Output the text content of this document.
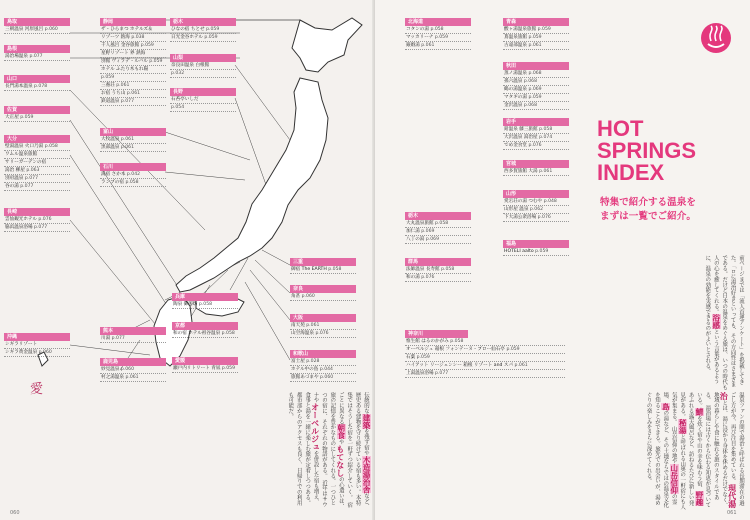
鳥取
三朝温泉 河原風呂 p.060
島根
湯治場温泉 p.077
山口
長門湯本温泉 p.078
佐賀
大正屋 p.059
大分
壁湯温泉 火口乃湯 p.058
ワムル温泉旅館
サリーガーデンの宿
湯治 柳屋 p.063
別府温泉 p.077
谷の湯 p.077
長崎
雲仙観光ホテル p.076
脇浜温泉浴場 p.077
沖縄
シギラリゾート
シギラ黄金温泉 p.060
熊本
川湯 p.077
鹿児島
妙見温泉 p.060
村之湯温泉 p.061
静岡
ザ・ひらまつ ホテルズ＆
リゾーツ 熱海 p.038
千人風呂 金谷旅館 p.059
星野リゾート 界 熱海
別館 ヴィラデ・ルバル p.059
ホテル ふたり木もれ陽
p.059
三養荘 p.061
お宿 うち山 p.061
鉄道温泉 p.077
富山
大牧温泉 p.061
黒部温泉 p.061
石川
湯宿 さか本 p.042
ランプの宿 p.058
栃木
ひなの宿 ちとせ p.059
日光金谷ホテル p.059
山梨
奈良田温泉 白根館
p.032
長野
石苔亭いしだ
p.054
三重
御宿 The EARTH p.058
兵庫
陶泉 御所坊 p.058
奈良
角甚 p.060
京都
和の宿 ホテル祖谷温泉 p.058
大阪
南天苑 p.061
山空海温泉 p.076
愛媛
瀬戸内リトリート 青凪 p.059
和歌山
富士屋 p.028
ホテル中の島 p.044
旅館あづまや p.060
愛
伝統的な建築を残す宿や木造湯治舎など、歴史ある建物を守り続けている宿も多い。本特集ではそうした宿を一軒ずつ紹介していく。 宿ごとに異なる朝食やもてなしの心遣いは、旅の記憶を豊かなものにしてくれる。一つひとつの宿に、それぞれの物語がある。 近年はサウナやオーベルジュを併設した宿も増え、食事と湯を一緒に楽しむ旅が定着しつつある。都市部からのアクセスも良く、日帰りでの利用も可能だ。
060
北海道
コタンの湯 p.058
マッカリーナ p.059
銀婚湯 p.061
青森
酸ヶ湯温泉旅館 p.059
蔦温泉旅館 p.059
古遠部温泉 p.061
秋田
蒸ノ湯温泉 p.068
孫六温泉 p.068
鶴の湯温泉 p.069
マタギの湯 p.059
金沢温泉 p.068
岩手
鉛温泉 藤三旅館 p.058
大沢温泉 湯治屋 p.074
でめ金食堂 p.076
宮城
西多賀旅館 大湯 p.061
山形
愛宕荘の湯 つむや p.048
山形屋 温泉 p.062
下大湯公衆浴場 p.076
福島
HOTELI aalto p.059
栃木
大丸温泉旅館 p.058
加仁湯 p.069
八丁の湯 p.069
群馬
法師温泉 長寿館 p.058
和の湯 p.076
神奈川
惟生館 はるのかがみ p.058
オーベルジュ 箱根 フォンテーヌ・ブロー仙石亭 p.059
石葉 p.059
ハイアット リージェンシー 箱根 リゾート and スパ p.061
上湯温泉浴場 p.077
HOT
SPRINGS
INDEX
特集で紹介する温泉を
まずは一覧でご紹介。
前ページまでは「流人首運アンケート」を掲載してきた。「ロに湯治好きといっても、その方向性はさまざまである。だけど日本の温泉をめぐる旅は、いつの時代も人の心を癒してくれる。浴感という言葉があるように、温泉の効能を実感できるのがよいとされる。
温泉ファンの間で湯治と呼ばれる長期滞在の過ごし方が今、再び注目を集めている。現代湯治とは、湯に浸かり身体を休めるだけでなく、地域の暮らしや食に触れる旅のスタイルである。 湯治場には古くから伝わる知恵が息づいている。鯖を炊く宿や山の幸を味わう宿、野趣あふれる露天風呂など、訪ねるたびに新しい発見がある。秘湯と呼ばれる山奥の一軒宿にも人気が集まる。 山岳信仰の地や山岳信仰の霊場、島の湯など、その土地ならではの温泉文化を知ることができる。旅先での出会いが、湯めぐりの楽しみをさらに深めてくれる。
061
